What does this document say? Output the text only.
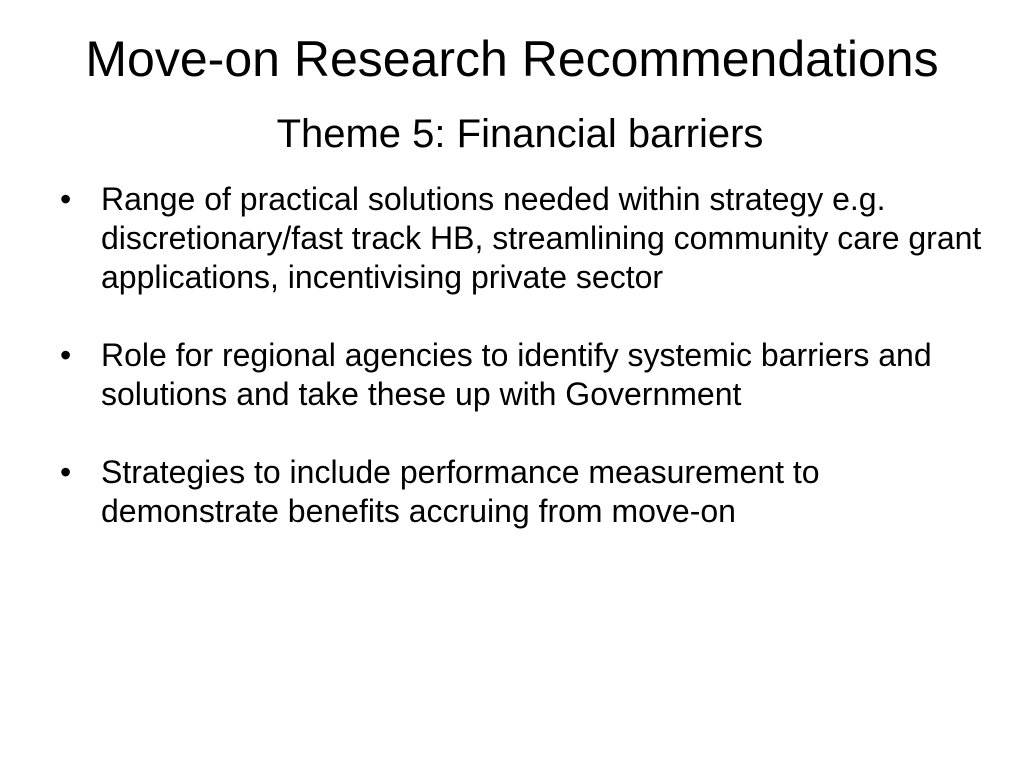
Move-on Research Recommendations
Theme 5: Financial barriers
• Range of practical solutions needed within strategy e.g. discretionary/fast track HB, streamlining community care grant applications, incentivising private sector
• Role for regional agencies to identify systemic barriers and solutions and take these up with Government
• Strategies to include performance measurement to demonstrate benefits accruing from move-on
